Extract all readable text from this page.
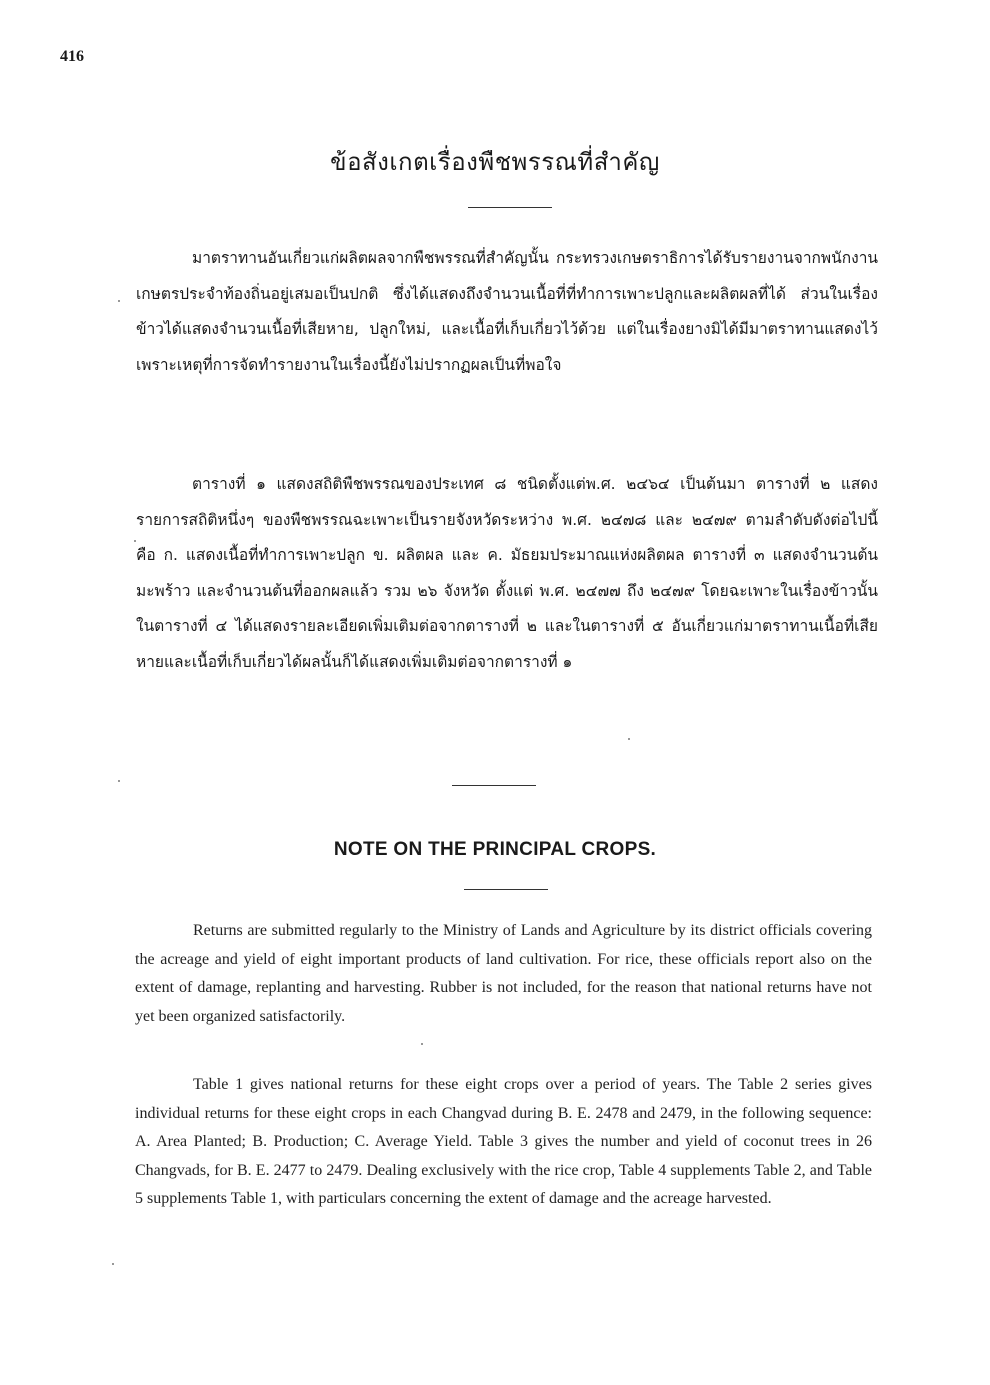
416
ข้อสังเกตเรื่องพืชพรรณที่สำคัญ

มาตราทานอันเกี่ยวแก่ผลิตผลจากพืชพรรณที่สำคัญนั้น กระทรวงเกษตราธิการได้รับรายงานจากพนักงานเกษตรประจำท้องถิ่นอยู่เสมอเป็นปกติ ซึ่งได้แสดงถึงจำนวนเนื้อที่ที่ทำการเพาะปลูกและผลิตผลที่ได้ ส่วนในเรื่องข้าวได้แสดงจำนวนเนื้อที่เสียหาย, ปลูกใหม่, และเนื้อที่เก็บเกี่ยวไว้ด้วย แต่ในเรื่องยางมิได้มีมาตราทานแสดงไว้ เพราะเหตุที่การจัดทำรายงานในเรื่องนี้ยังไม่ปรากฏผลเป็นที่พอใจ

ตารางที่ ๑ แสดงสถิติพืชพรรณของประเทศ ๘ ชนิดตั้งแต่พ.ศ. ๒๔๖๔ เป็นต้นมา ตารางที่ ๒ แสดงรายการสถิติหนึ่งๆ ของพืชพรรณฉะเพาะเป็นรายจังหวัดระหว่าง พ.ศ. ๒๔๗๘ และ ๒๔๗๙ ตามลำดับดังต่อไปนี้ คือ ก. แสดงเนื้อที่ทำการเพาะปลูก ข. ผลิตผล และ ค. มัธยมประมาณแห่งผลิตผล ตารางที่ ๓ แสดงจำนวนต้นมะพร้าว และจำนวนต้นที่ออกผลแล้ว รวม ๒๖ จังหวัด ตั้งแต่ พ.ศ. ๒๔๗๗ ถึง ๒๔๗๙ โดยฉะเพาะในเรื่องข้าวนั้นในตารางที่ ๔ ได้แสดงรายละเอียดเพิ่มเติมต่อจากตารางที่ ๒ และในตารางที่ ๕ อันเกี่ยวแก่มาตราทานเนื้อที่เสียหายและเนื้อที่เก็บเกี่ยวได้ผลนั้นก็ได้แสดงเพิ่มเติมต่อจากตารางที่ ๑

NOTE ON THE PRINCIPAL CROPS.

Returns are submitted regularly to the Ministry of Lands and Agriculture by its district officials covering the acreage and yield of eight important products of land cultivation. For rice, these officials report also on the extent of damage, replanting and harvesting. Rubber is not included, for the reason that national returns have not yet been organized satisfactorily.

Table 1 gives national returns for these eight crops over a period of years. The Table 2 series gives individual returns for these eight crops in each Changvad during B. E. 2478 and 2479, in the following sequence: A. Area Planted; B. Production; C. Average Yield. Table 3 gives the number and yield of coconut trees in 26 Changvads, for B. E. 2477 to 2479. Dealing exclusively with the rice crop, Table 4 supplements Table 2, and Table 5 supplements Table 1, with particulars concerning the extent of damage and the acreage harvested.
